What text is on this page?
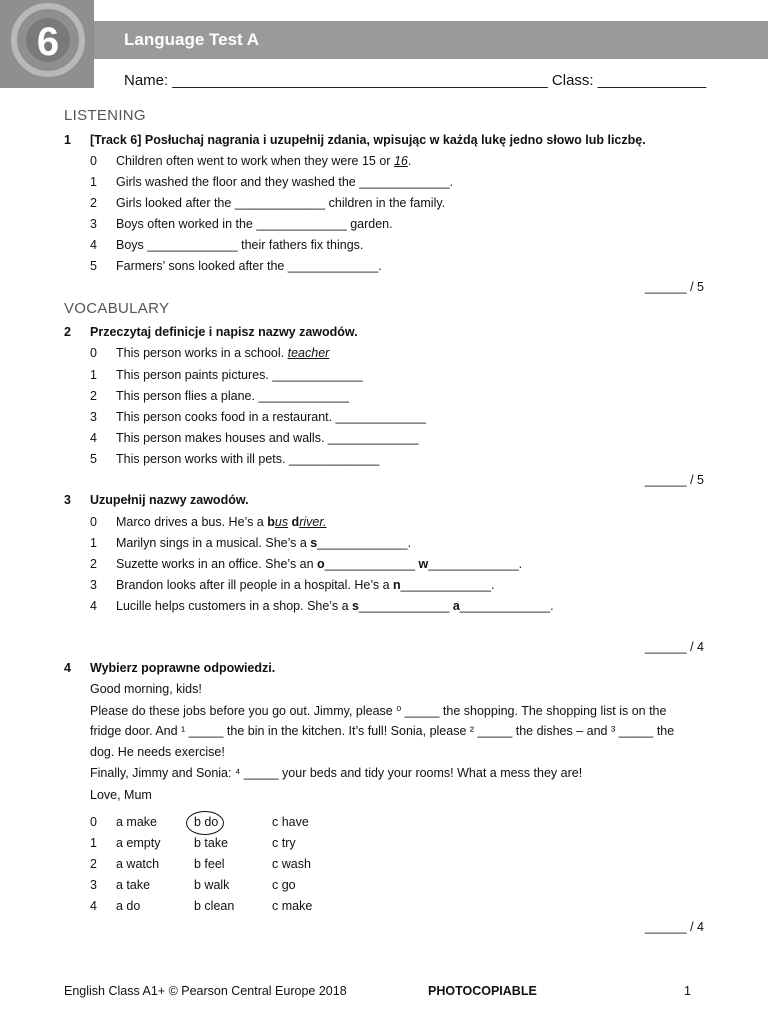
6	Language Test A
Name: _____________________________________________ Class: _____________
LISTENING
1 [Track 6] Posłuchaj nagrania i uzupełnij zdania, wpisując w każdą lukę jedno słowo lub liczbę.
0 Children often went to work when they were 15 or 16.
1 Girls washed the floor and they washed the _____________.
2 Girls looked after the _____________ children in the family.
3 Boys often worked in the _____________ garden.
4 Boys _____________ their fathers fix things.
5 Farmers’ sons looked after the _____________.
______ / 5
VOCABULARY
2 Przeczytaj definicje i napisz nazwy zawodów.
0 This person works in a school. teacher
1 This person paints pictures. _____________
2 This person flies a plane. _____________
3 This person cooks food in a restaurant. _____________
4 This person makes houses and walls. _____________
5 This person works with ill pets. _____________
______ / 5
3 Uzupełnij nazwy zawodów.
0 Marco drives a bus. He’s a bus driver.
1 Marilyn sings in a musical. She’s a s_____________.
2 Suzette works in an office. She’s an o_____________ w_____________.
3 Brandon looks after ill people in a hospital. He’s a n_____________.
4 Lucille helps customers in a shop. She’s a s_____________ a_____________.
______ / 4
4 Wybierz poprawne odpowiedzi.
Good morning, kids!
Please do these jobs before you go out. Jimmy, please ⁰ _____ the shopping. The shopping list is on the
fridge door. And ¹ _____ the bin in the kitchen. It’s full! Sonia, please ² _____ the dishes – and ³ _____ the
dog. He needs exercise!
Finally, Jimmy and Sonia: ⁴ _____ your beds and tidy your rooms! What a mess they are!
Love, Mum
0 a make	b do	c have
1 a empty	b take	c try
2 a watch	b feel	c wash
3 a take	b walk	c go
4 a do	b clean	c make
______ / 4
English Class A1+ © Pearson Central Europe 2018	PHOTOCOPIABLE	1
